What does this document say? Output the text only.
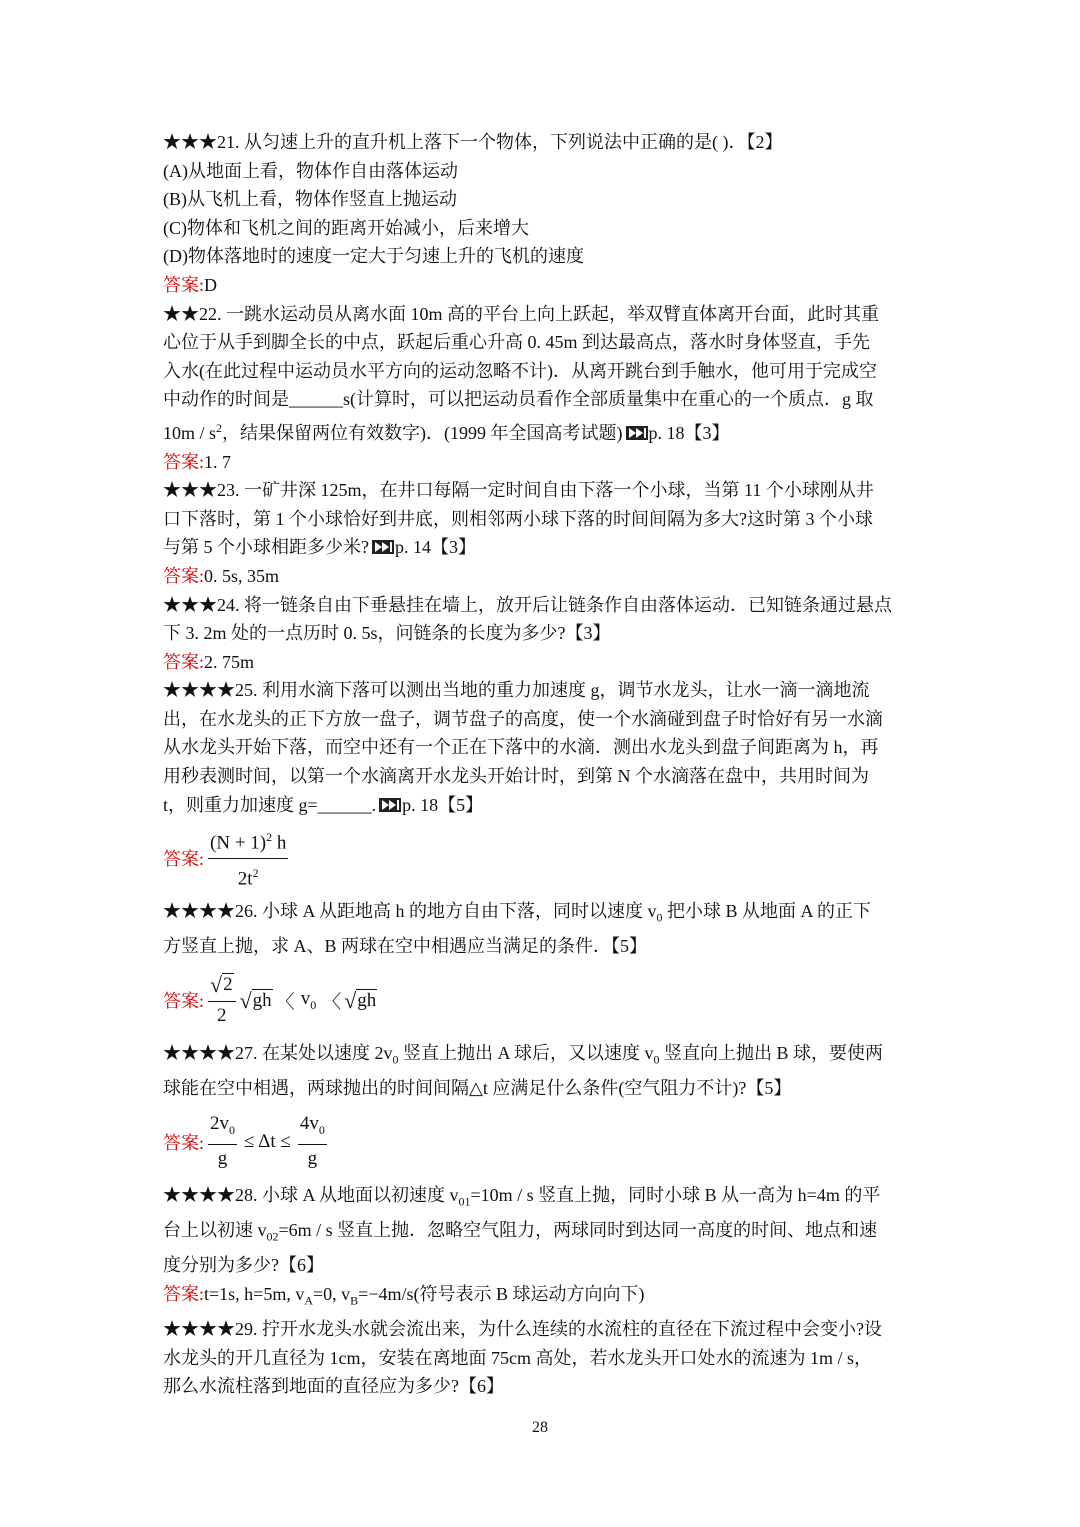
★★★21. 从匀速上升的直升机上落下一个物体，下列说法中正确的是( )．【2】
(A)从地面上看，物体作自由落体运动
(B)从飞机上看，物体作竖直上抛运动
(C)物体和飞机之间的距离开始减小，后来增大
(D)物体落地时的速度一定大于匀速上升的飞机的速度
答案:D
★★22. 一跳水运动员从离水面 10m 高的平台上向上跃起，举双臂直体离开台面，此时其重
心位于从手到脚全长的中点，跃起后重心升高 0. 45m 到达最高点，落水时身体竖直，手先
入水(在此过程中运动员水平方向的运动忽略不计)．从离开跳台到手触水，他可用于完成空
中动作的时间是______s(计算时，可以把运动员看作全部质量集中在重心的一个质点．g 取
$10m / s^2$，结果保留两位有效数字)．(1999 年全国高考试题) p. 18【3】
答案:1. 7
★★★23. 一矿井深 125m，在井口每隔一定时间自由下落一个小球，当第 11 个小球刚从井
口下落时，第 1 个小球恰好到井底，则相邻两小球下落的时间间隔为多大?这时第 3 个小球
与第 5 个小球相距多少米? p. 14【3】
答案:0. 5s, 35m
★★★24. 将一链条自由下垂悬挂在墙上，放开后让链条作自由落体运动．已知链条通过悬点
下 3. 2m 处的一点历时 0. 5s，问链条的长度为多少?【3】
答案:2. 75m
★★★★25. 利用水滴下落可以测出当地的重力加速度 g，调节水龙头，让水一滴一滴地流
出，在水龙头的正下方放一盘子，调节盘子的高度，使一个水滴碰到盘子时恰好有另一水滴
从水龙头开始下落，而空中还有一个正在下落中的水滴．测出水龙头到盘子间距离为 h，再
用秒表测时间，以第一个水滴离开水龙头开始计时，到第 N 个水滴落在盘中，共用时间为
t，则重力加速度 g=______. p. 18【5】
答案: $\frac{(N + 1)^2 h}{2t^2}$
★★★★26. 小球 A 从距地高 h 的地方自由下落，同时以速度 $v_0$ 把小球 B 从地面 A 的正下
方竖直上抛，求 A、B 两球在空中相遇应当满足的条件．【5】
答案: $\frac{√ 2}{2}$ √ gh 〈 $v_0$ 〈 √ gh
★★★★27. 在某处以速度 $2v_0$ 竖直上抛出 A 球后，又以速度 $v_0$ 竖直向上抛出 B 球，要使两
球能在空中相遇，两球抛出的时间间隔△t 应满足什么条件(空气阻力不计)?【5】
答案: $\frac{2v_0}{g} \le \Delta t \le \frac{4v_0}{g}$
★★★★28. 小球 A 从地面以初速度 $v_{01}=10m / s$ 竖直上抛，同时小球 B 从一高为 h=4m 的平
台上以初速 $v_{02}=6m / s$ 竖直上抛．忽略空气阻力，两球同时到达同一高度的时间、地点和速
度分别为多少?【6】
答案:t=1s, h=5m, $v_A=0$, $v_B=-4m/s$(符号表示 B 球运动方向向下)
★★★★29. 拧开水龙头水就会流出来，为什么连续的水流柱的直径在下流过程中会变小?设
水龙头的开几直径为 1cm，安装在离地面 75cm 高处，若水龙头开口处水的流速为 1m / s，
那么水流柱落到地面的直径应为多少?【6】
28
